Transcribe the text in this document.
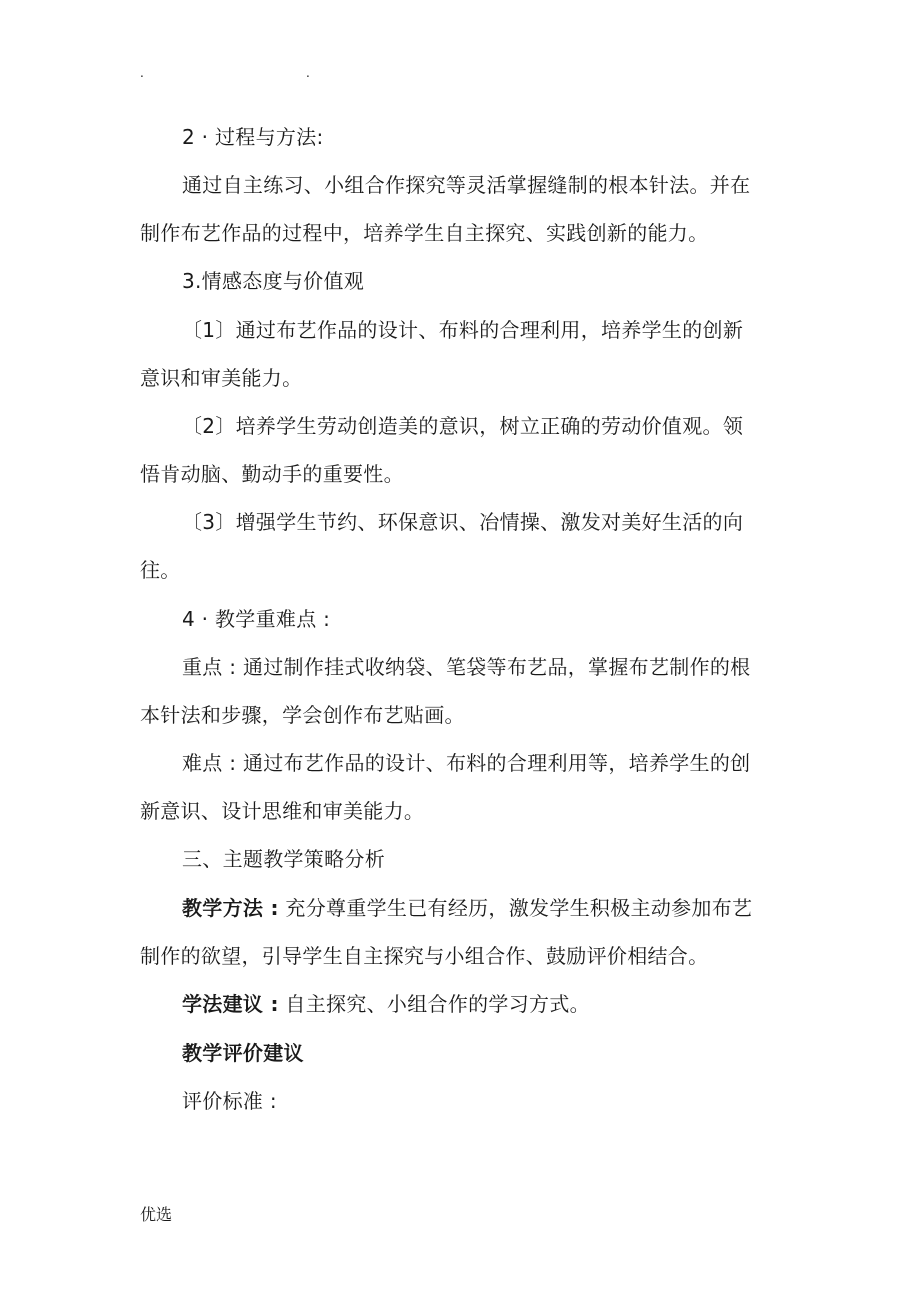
.	.
2 · 过程与方法:
通过自主练习、小组合作探究等灵活掌握缝制的根本针法。并在
制作布艺作品的过程中，培养学生自主探究、实践创新的能力。
3.情感态度与价值观
〔1〕通过布艺作品的设计、布料的合理利用，培养学生的创新
意识和审美能力。
〔2〕培养学生劳动创造美的意识，树立正确的劳动价值观。领
悟肯动脑、勤动手的重要性。
〔3〕增强学生节约、环保意识、冶情操、激发对美好生活的向
往。
4 · 教学重难点 :
重点 : 通过制作挂式收纳袋、笔袋等布艺品，掌握布艺制作的根
本针法和步骤，学会创作布艺贴画。
难点 : 通过布艺作品的设计、布料的合理利用等，培养学生的创
新意识、设计思维和审美能力。
三、主题教学策略分析
教学方法 : 充分尊重学生已有经历，激发学生积极主动参加布艺
制作的欲望，引导学生自主探究与小组合作、鼓励评价相结合。
学法建议 : 自主探究、小组合作的学习方式。
教学评价建议
评价标准 :
优选
